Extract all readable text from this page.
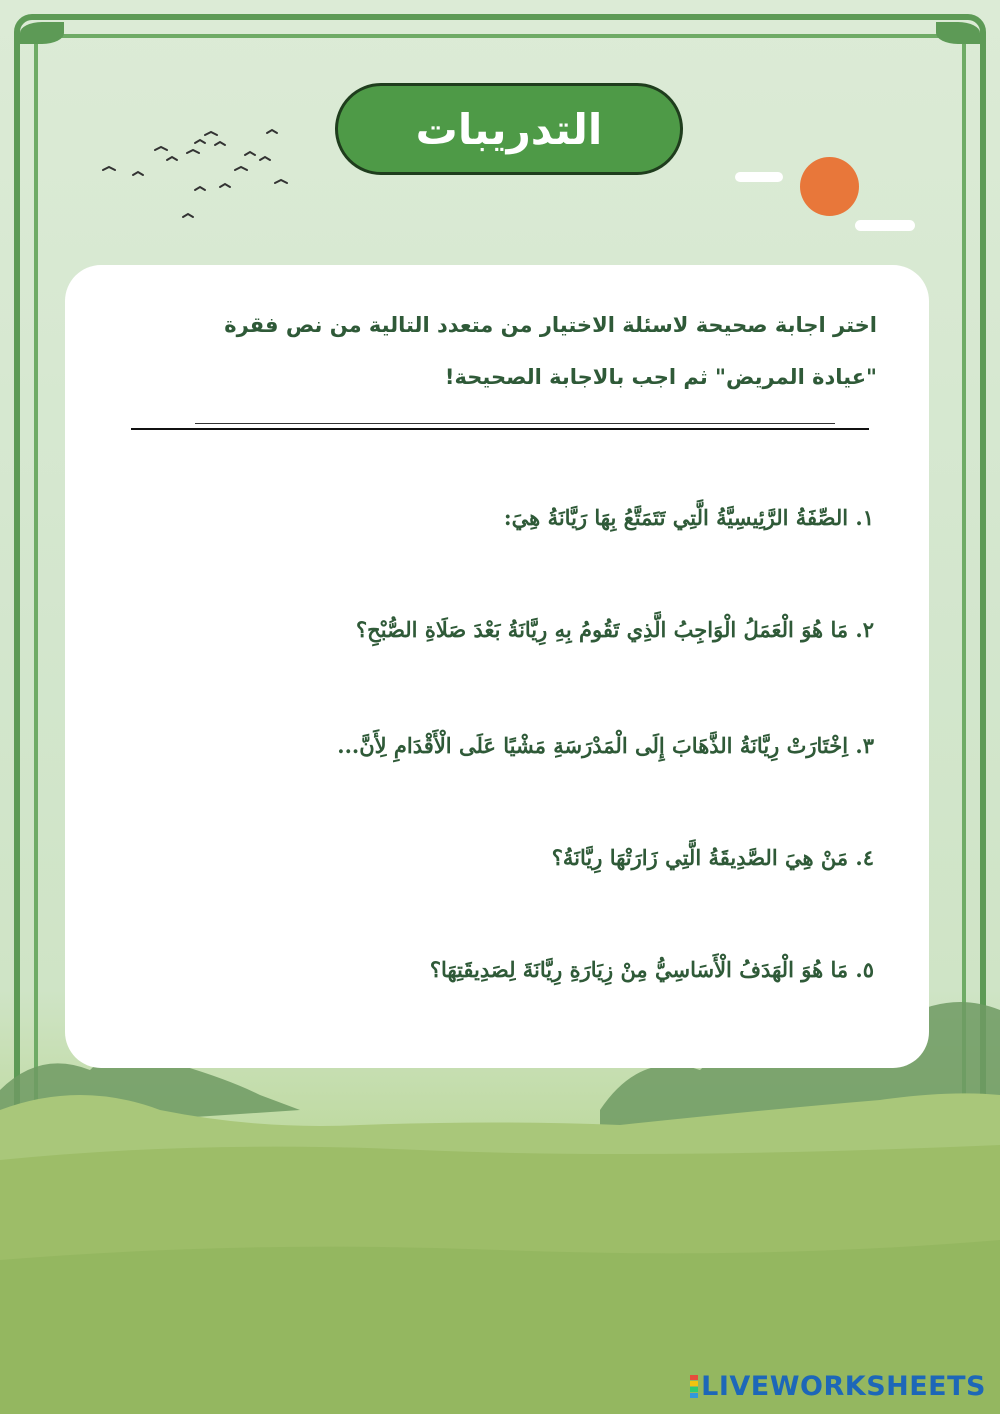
التدريبات
اختر اجابة صحيحة لاسئلة الاختيار من متعدد التالية من نص فقرة
"عيادة المريض" ثم اجب بالاجابة الصحيحة!
١. الصِّفَةُ الرَّئِيسِيَّةُ الَّتِي تَتَمَتَّعُ بِهَا رَيَّانَةُ هِيَ:
٢. مَا هُوَ الْعَمَلُ الْوَاجِبُ الَّذِي تَقُومُ بِهِ رِيَّانَةُ بَعْدَ صَلَاةِ الصُّبْحِ؟
٣. اِخْتَارَتْ رِيَّانَةُ الذَّهَابَ إِلَى الْمَدْرَسَةِ مَشْيًا عَلَى الْأَقْدَامِ لِأَنَّ...
٤. مَنْ هِيَ الصَّدِيقَةُ الَّتِي زَارَتْهَا رِيَّانَةُ؟
٥. مَا هُوَ الْهَدَفُ الْأَسَاسِيُّ مِنْ زِيَارَةِ رِيَّانَةَ لِصَدِيقَتِهَا؟
LIVEWORKSHEETS
